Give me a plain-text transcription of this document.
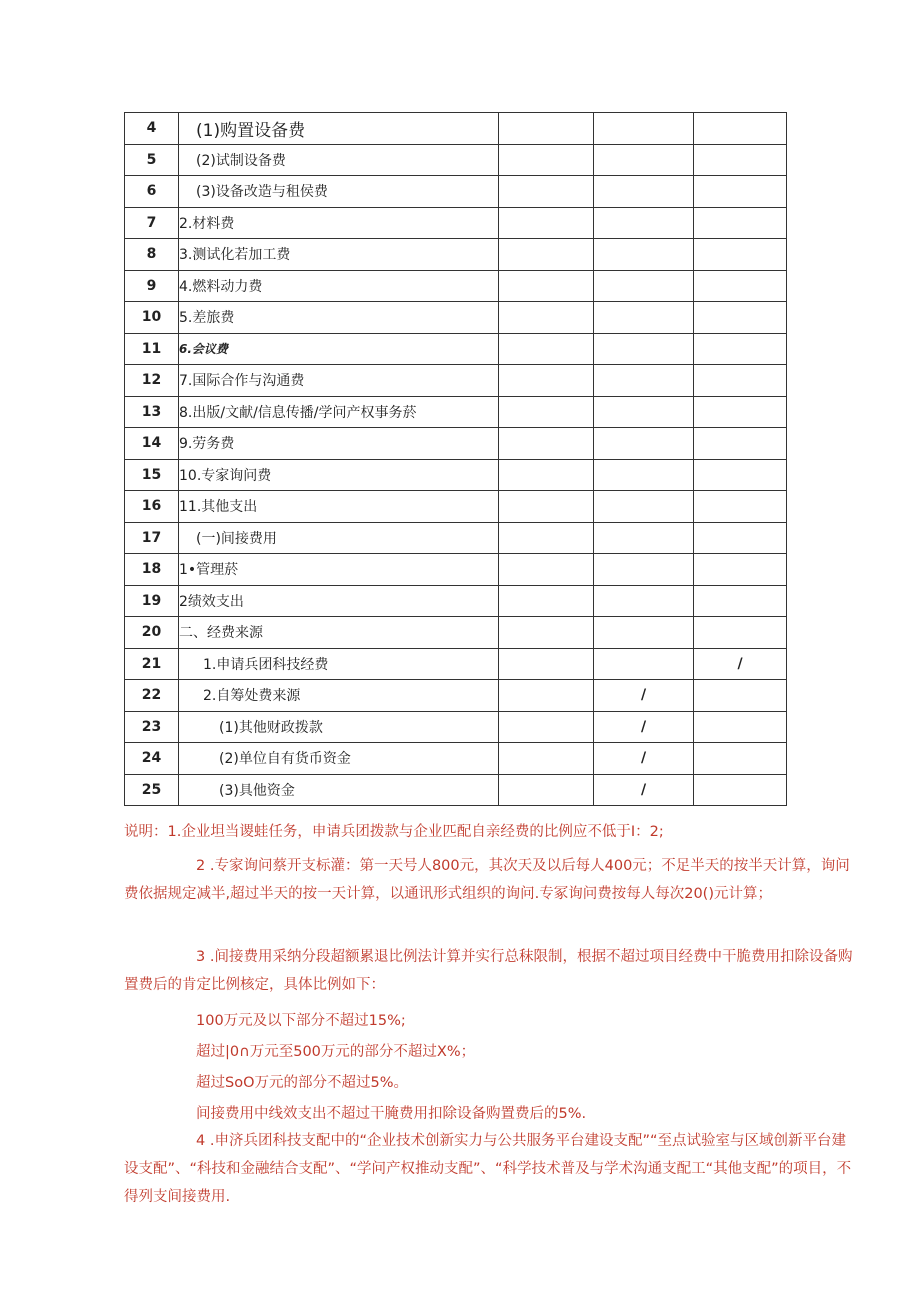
4	(1)购置设备费			
5	(2)试制设备费			
6	(3)设备改造与租侯费			
7	2.材料费			
8	3.测试化若加工费			
9	4.燃料动力费			
10	5.差旅费			
11	6.会议费			
12	7.国际合作与沟通费			
13	8.出版/文献/信息传播/学问产权事务菸			
14	9.劳务费			
15	10.专家询问费			
16	11.其他支出			
17	(一)间接费用			
18	1•管理菸			
19	2绩效支出			
20	二、经费来源			
21	1.申请兵团科技经费			/
22	2.自筹处费来源		/	
23	(1)其他财政拨款		/	
24	(2)单位自有货币资金		/	
25	(3)具他资金		/	

说明：1.企业坦当谡蛙任务，申请兵团拨款与企业匹配自亲经费的比例应不低于I：2;

2 .专家询问蔡开支标灌：第一天号人800元，其次天及以后每人400元；不足半天的按半天计算，询问费依据规定减半,超过半天的按一天计算，以通讯形式组织的询问.专冢询问费按每人每次20()元计算；

3 .间接费用采纳分段超额累退比例法计算并实行总秣限制，根据不超过项目经费中干脆费用扣除设备购置费后的肯定比例核定，具体比例如下：

100万元及以下部分不超过15%;

超过|0∩万元至500万元的部分不超过X%；

超过SoO万元的部分不超过5%。

间接费用中线效支出不超过干腌费用扣除设备购置费后的5%.

4 .申济兵团科技支配中的“企业技术创新实力与公共服务平台建设支配”“至点试验室与区域创新平台建设支配”、“科技和金融结合支配”、“学问产权推动支配”、“科学技术普及与学术沟通支配工“其他支配”的项目，不得列支间接费用.
